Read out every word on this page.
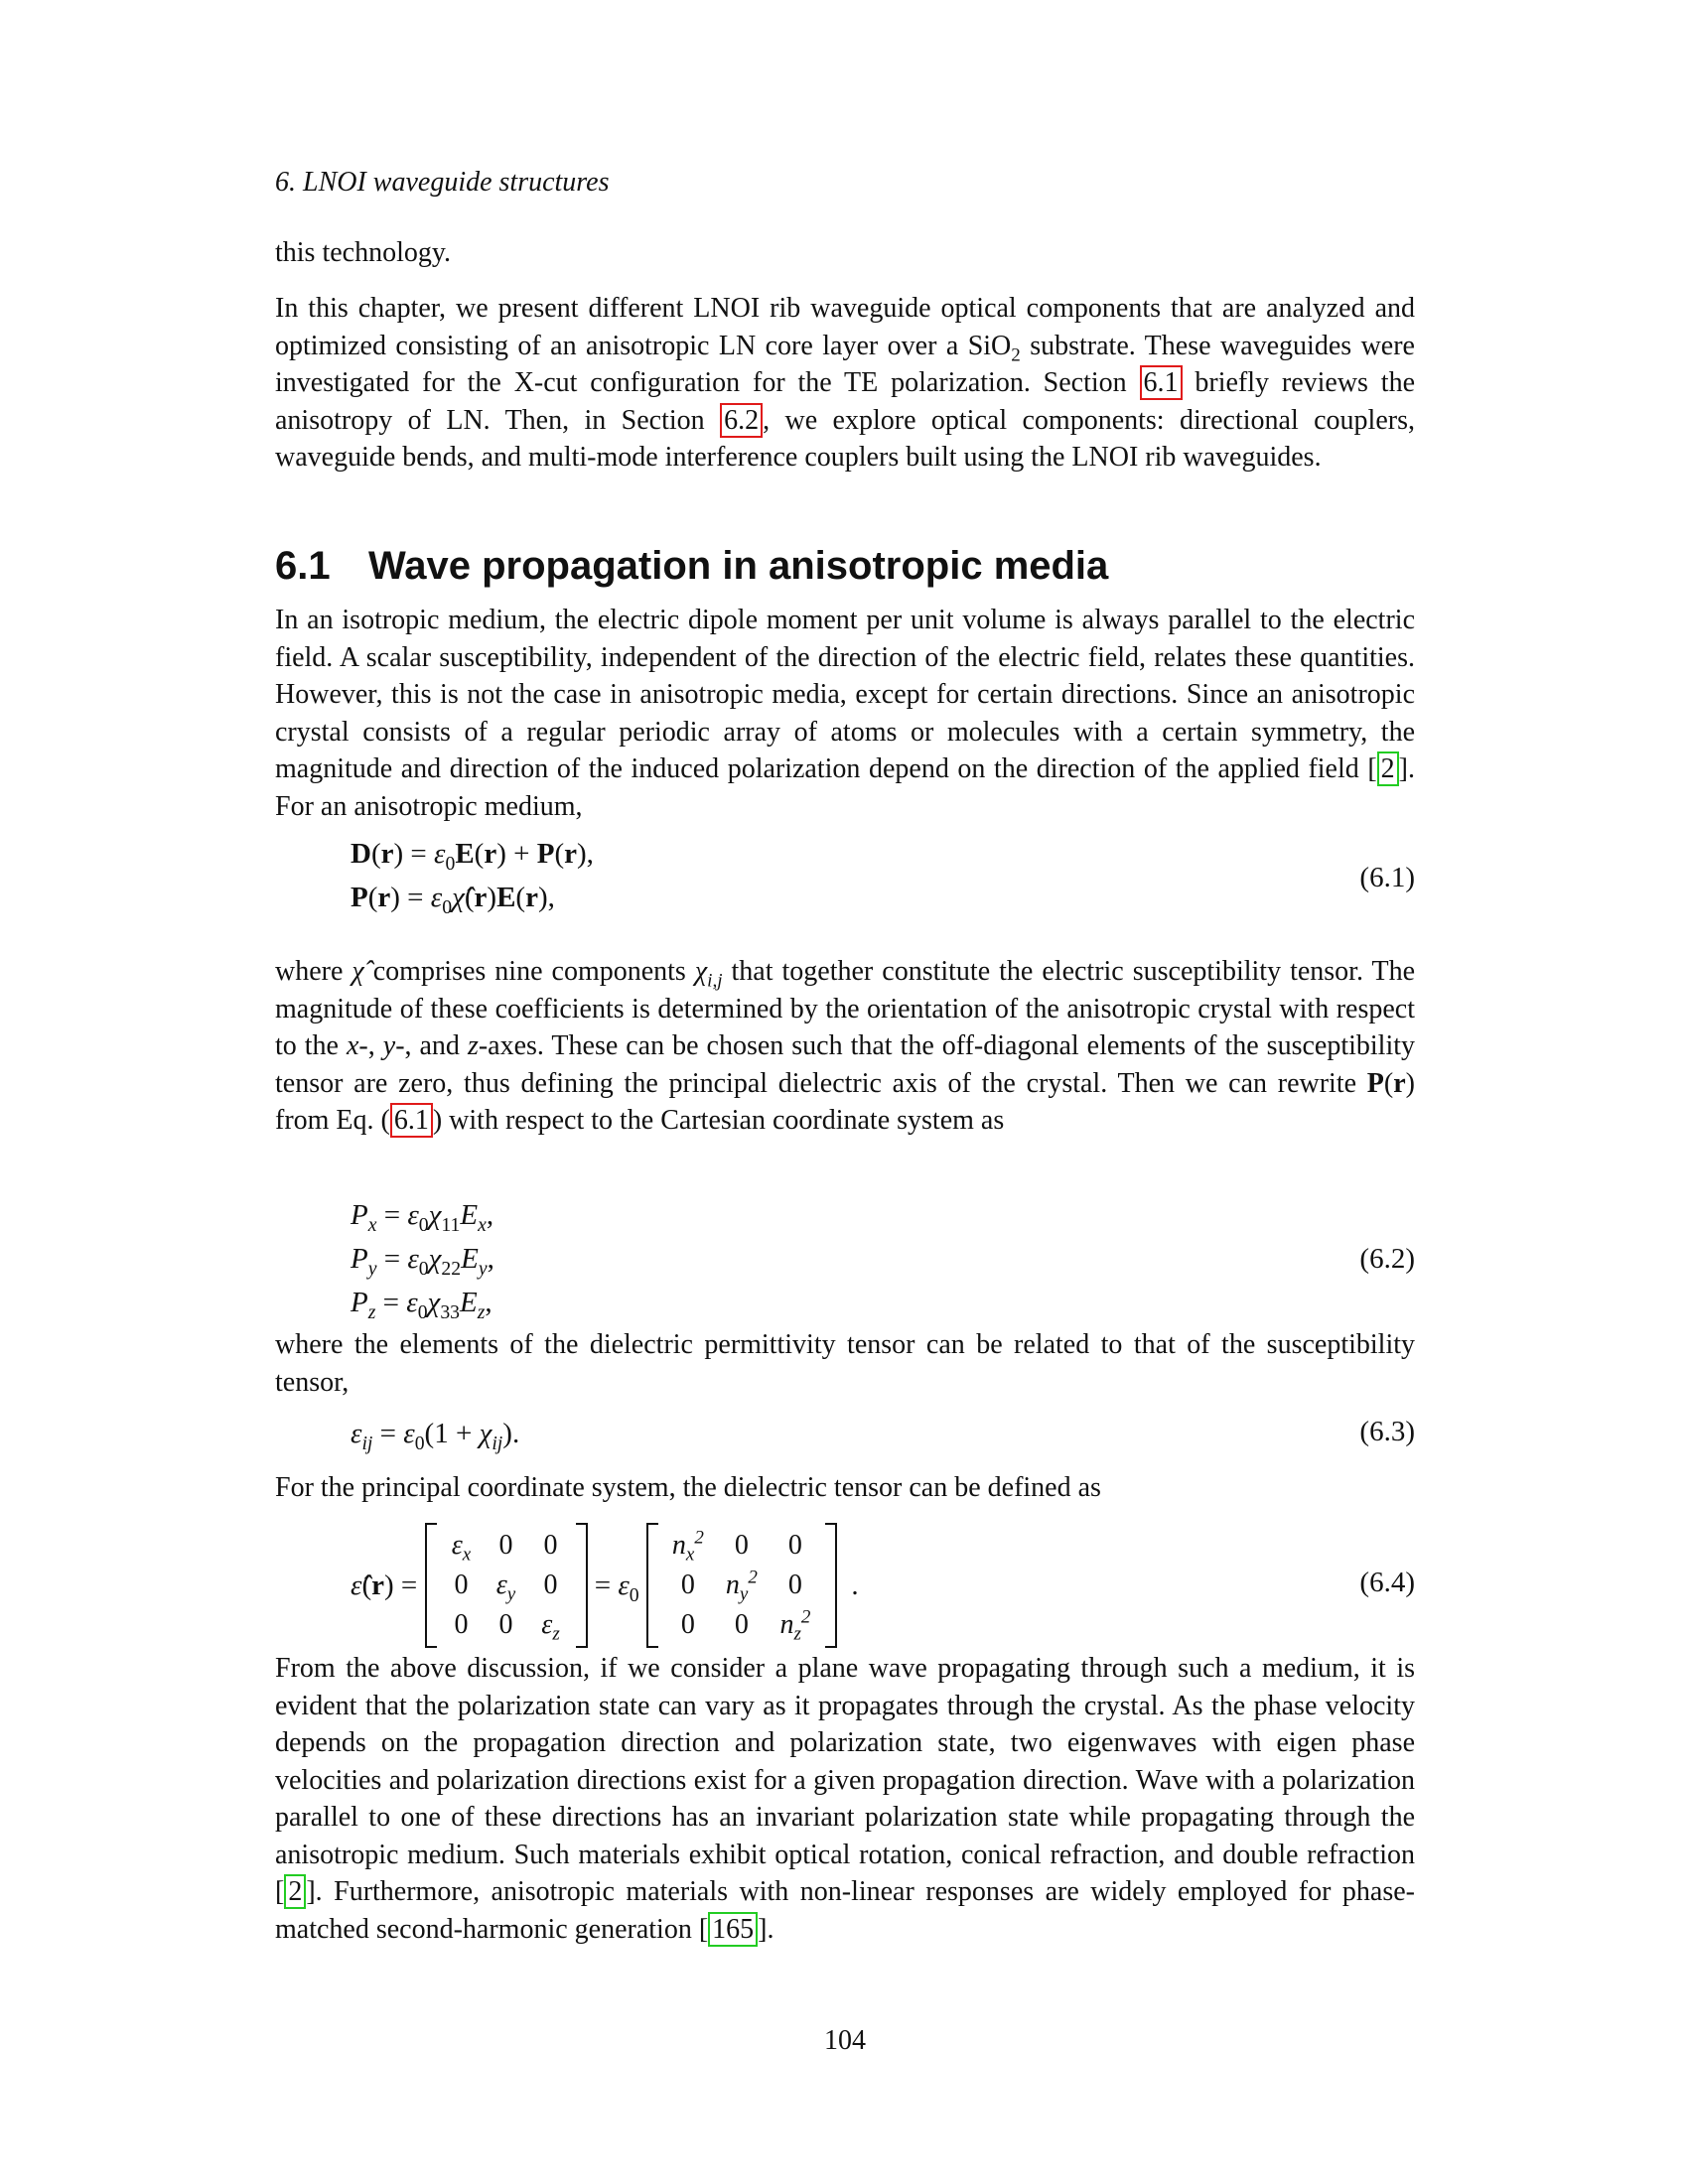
6. LNOI waveguide structures

this technology.

In this chapter, we present different LNOI rib waveguide optical components that are analyzed and optimized consisting of an anisotropic LN core layer over a SiO$_2$ substrate. These waveguides were investigated for the X-cut configuration for the TE polarization. Section 6.1 briefly reviews the anisotropy of LN. Then, in Section 6.2 , we explore optical components: directional couplers, waveguide bends, and multi-mode interference couplers built using the LNOI rib waveguides.

6.1 Wave propagation in anisotropic media

In an isotropic medium, the electric dipole moment per unit volume is always parallel to the electric field. A scalar susceptibility, independent of the direction of the electric field, relates these quantities. However, this is not the case in anisotropic media, except for certain directions. Since an anisotropic crystal consists of a regular periodic array of atoms or molecules with a certain symmetry, the magnitude and direction of the induced polarization depend on the direction of the applied field [ 2 ]. For an anisotropic medium,

$D(r) = \varepsilon_0E(r) + P(r)$,
$P(r) = \varepsilon_0\chî(r)E(r)$,
(6.1)

where χ̂ comprises nine components $\chi_{i,j}$ that together constitute the electric susceptibility tensor. The magnitude of these coefficients is determined by the orientation of the anisotropic crystal with respect to the x-, y-, and z-axes. These can be chosen such that the off-diagonal elements of the susceptibility tensor are zero, thus defining the principal dielectric axis of the crystal. Then we can rewrite P(r) from Eq. ( 6.1 ) with respect to the Cartesian coordinate system as

$P_x = \varepsilon_0\chi_{11}E_x$,
$P_y = \varepsilon_0\chi_{22}E_y$,
$P_z = \varepsilon_0\chi_{33}E_z$,
(6.2)

where the elements of the dielectric permittivity tensor can be related to that of the susceptibility tensor,

$\varepsilon_{ij} = \varepsilon_0(1 + \chi_{ij})$.	(6.3)

For the principal coordinate system, the dielectric tensor can be defined as

ε̂(r) =
$\varepsilon_x$ 0 0
0 $\varepsilon_y$ 0
0 0 $\varepsilon_z$
= $\varepsilon_0$
$n_x^2$ 0 0
0 $n_y^2$ 0
0 0 $n_z^2$
.	(6.4)

From the above discussion, if we consider a plane wave propagating through such a medium, it is evident that the polarization state can vary as it propagates through the crystal. As the phase velocity depends on the propagation direction and polarization state, two eigenwaves with eigen phase velocities and polarization directions exist for a given propagation direction. Wave with a polarization parallel to one of these directions has an invariant polarization state while propagating through the anisotropic medium. Such materials exhibit optical rotation, conical refraction, and double refraction [ 2 ]. Furthermore, anisotropic materials with non-linear responses are widely employed for phase-matched second-harmonic generation [ 165 ].

104
